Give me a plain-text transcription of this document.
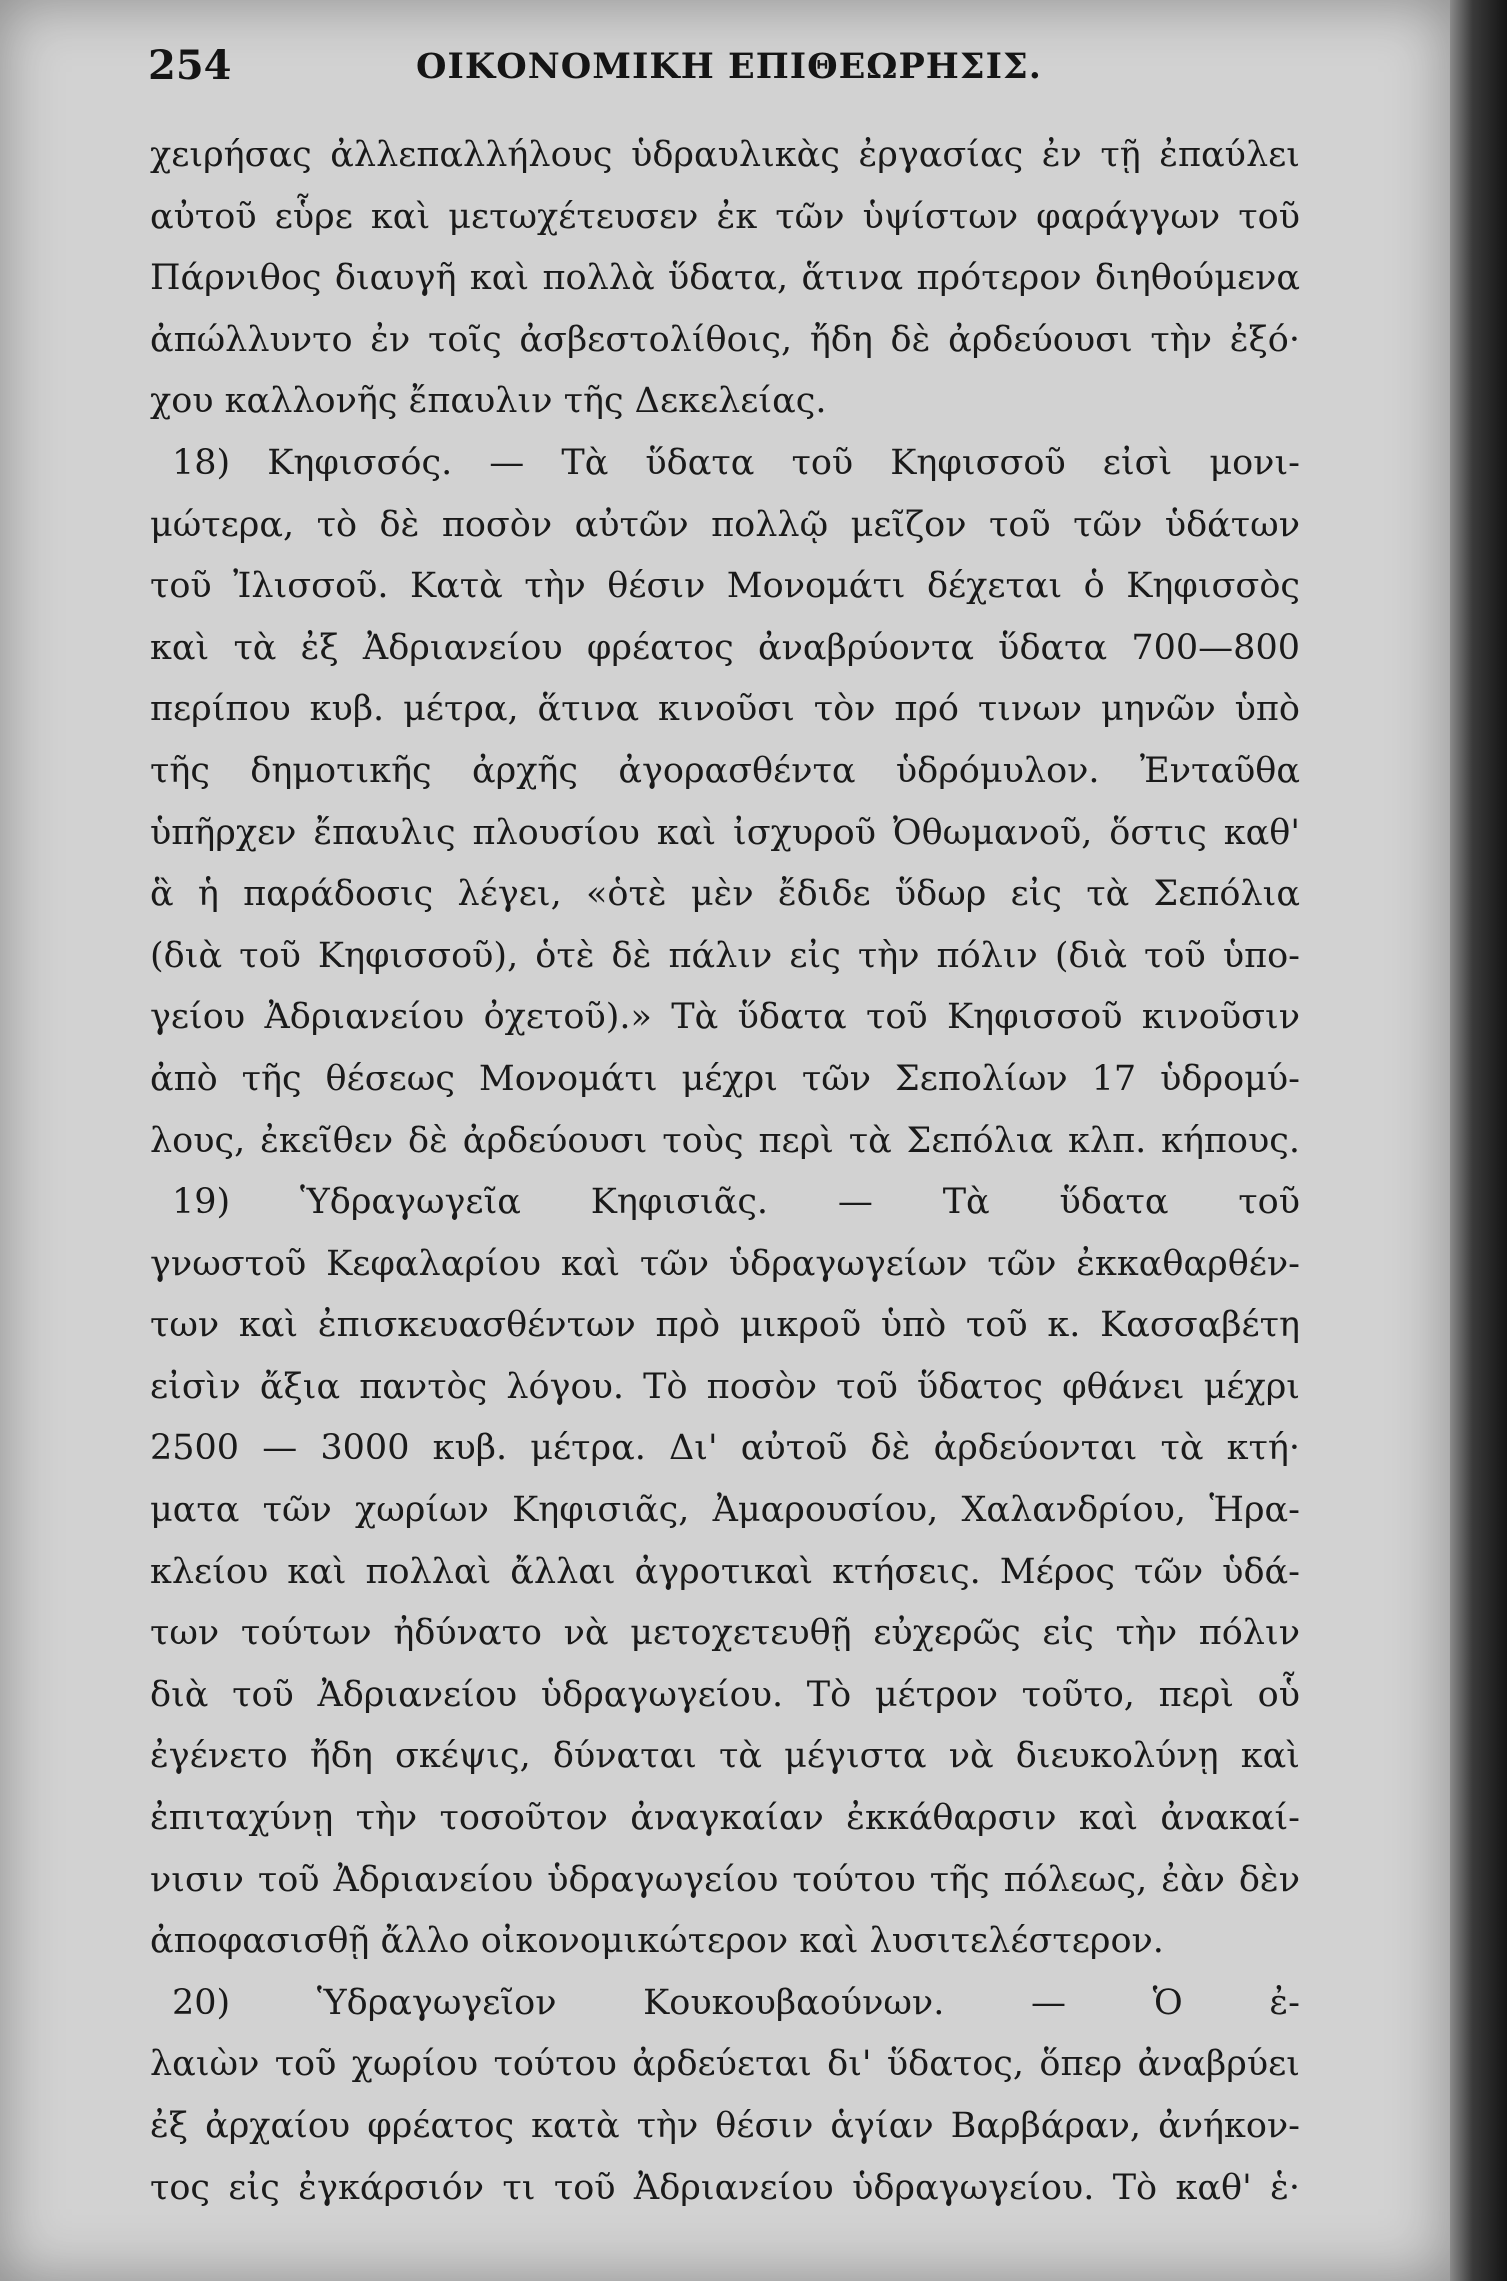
254	ΟΙΚΟΝΟΜΙΚΗ ΕΠΙΘΕΩΡΗΣΙΣ.
χειρήσας ἀλλεπαλλήλους ὑδραυλικὰς ἐργασίας ἐν τῇ ἐπαύλει
αὐτοῦ εὗρε καὶ μετωχέτευσεν ἐκ τῶν ὑψίστων φαράγγων τοῦ
Πάρνιθος διαυγῆ καὶ πολλὰ ὕδατα, ἅτινα πρότερον διηθούμενα
ἀπώλλυντο ἐν τοῖς ἀσβεστολίθοις, ἤδη δὲ ἀρδεύουσι τὴν ἐξό·
χου καλλονῆς ἔπαυλιν τῆς Δεκελείας.
18) Κηφισσός. — Τὰ ὕδατα τοῦ Κηφισσοῦ εἰσὶ μονι-
μώτερα, τὸ δὲ ποσὸν αὐτῶν πολλῷ μεῖζον τοῦ τῶν ὑδάτων
τοῦ Ἰλισσοῦ. Κατὰ τὴν θέσιν Μονομάτι δέχεται ὁ Κηφισσὸς
καὶ τὰ ἐξ Ἀδριανείου φρέατος ἀναβρύοντα ὕδατα 700—800
περίπου κυβ. μέτρα, ἅτινα κινοῦσι τὸν πρό τινων μηνῶν ὑπὸ
τῆς δημοτικῆς ἀρχῆς ἀγορασθέντα ὑδρόμυλον. Ἐνταῦθα
ὑπῆρχεν ἔπαυλις πλουσίου καὶ ἰσχυροῦ Ὀθωμανοῦ, ὅστις καθ'
ἃ ἡ παράδοσις λέγει, «ὁτὲ μὲν ἔδιδε ὕδωρ εἰς τὰ Σεπόλια
(διὰ τοῦ Κηφισσοῦ), ὁτὲ δὲ πάλιν εἰς τὴν πόλιν (διὰ τοῦ ὑπο-
γείου Ἀδριανείου ὀχετοῦ).» Τὰ ὕδατα τοῦ Κηφισσοῦ κινοῦσιν
ἀπὸ τῆς θέσεως Μονομάτι μέχρι τῶν Σεπολίων 17 ὑδρομύ-
λους, ἐκεῖθεν δὲ ἀρδεύουσι τοὺς περὶ τὰ Σεπόλια κλπ. κήπους.
19) Ὑδραγωγεῖα Κηφισιᾶς. — Τὰ ὕδατα τοῦ
γνωστοῦ Κεφαλαρίου καὶ τῶν ὑδραγωγείων τῶν ἐκκαθαρθέν-
των καὶ ἐπισκευασθέντων πρὸ μικροῦ ὑπὸ τοῦ κ. Κασσαβέτη
εἰσὶν ἄξια παντὸς λόγου. Τὸ ποσὸν τοῦ ὕδατος φθάνει μέχρι
2500 — 3000 κυβ. μέτρα. Δι' αὐτοῦ δὲ ἀρδεύονται τὰ κτή·
ματα τῶν χωρίων Κηφισιᾶς, Ἀμαρουσίου, Χαλανδρίου, Ἡρα-
κλείου καὶ πολλαὶ ἄλλαι ἀγροτικαὶ κτήσεις. Μέρος τῶν ὑδά-
των τούτων ἠδύνατο νὰ μετοχετευθῇ εὐχερῶς εἰς τὴν πόλιν
διὰ τοῦ Ἀδριανείου ὑδραγωγείου. Τὸ μέτρον τοῦτο, περὶ οὗ
ἐγένετο ἤδη σκέψις, δύναται τὰ μέγιστα νὰ διευκολύνῃ καὶ
ἐπιταχύνῃ τὴν τοσοῦτον ἀναγκαίαν ἐκκάθαρσιν καὶ ἀνακαί-
νισιν τοῦ Ἀδριανείου ὑδραγωγείου τούτου τῆς πόλεως, ἐὰν δὲν
ἀποφασισθῇ ἄλλο οἰκονομικώτερον καὶ λυσιτελέστερον.
20) Ὑδραγωγεῖον Κουκουβαούνων. — Ὁ ἐ-
λαιὼν τοῦ χωρίου τούτου ἀρδεύεται δι' ὕδατος, ὅπερ ἀναβρύει
ἐξ ἀρχαίου φρέατος κατὰ τὴν θέσιν ἁγίαν Βαρβάραν, ἀνήκον-
τος εἰς ἐγκάρσιόν τι τοῦ Ἀδριανείου ὑδραγωγείου. Τὸ καθ' ἑ·
